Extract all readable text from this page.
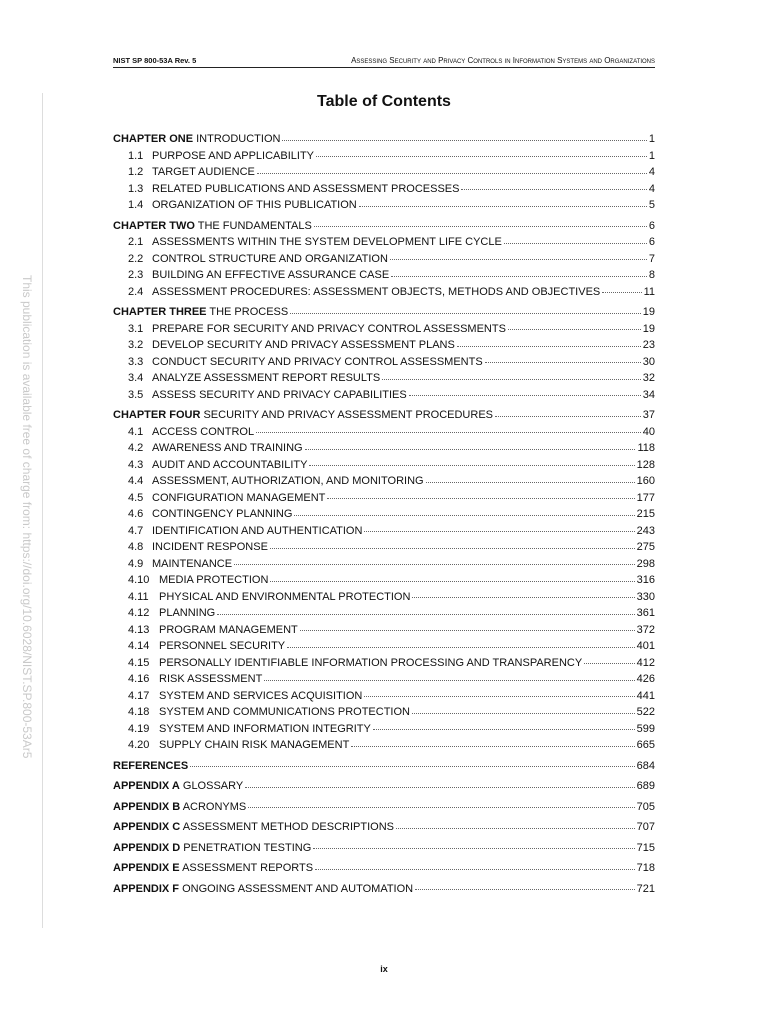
NIST SP 800-53A Rev. 5	Assessing Security and Privacy Controls in Information Systems and Organizations
This publication is available free of charge from: https://doi.org/10.6028/NIST.SP.800-53Ar5
Table of Contents
CHAPTER ONE INTRODUCTION	1
1.1 PURPOSE AND APPLICABILITY	1
1.2 TARGET AUDIENCE	4
1.3 RELATED PUBLICATIONS AND ASSESSMENT PROCESSES	4
1.4 ORGANIZATION OF THIS PUBLICATION	5
CHAPTER TWO THE FUNDAMENTALS	6
2.1 ASSESSMENTS WITHIN THE SYSTEM DEVELOPMENT LIFE CYCLE	6
2.2 CONTROL STRUCTURE AND ORGANIZATION	7
2.3 BUILDING AN EFFECTIVE ASSURANCE CASE	8
2.4 ASSESSMENT PROCEDURES: ASSESSMENT OBJECTS, METHODS AND OBJECTIVES	11
CHAPTER THREE THE PROCESS	19
3.1 PREPARE FOR SECURITY AND PRIVACY CONTROL ASSESSMENTS	19
3.2 DEVELOP SECURITY AND PRIVACY ASSESSMENT PLANS	23
3.3 CONDUCT SECURITY AND PRIVACY CONTROL ASSESSMENTS	30
3.4 ANALYZE ASSESSMENT REPORT RESULTS	32
3.5 ASSESS SECURITY AND PRIVACY CAPABILITIES	34
CHAPTER FOUR SECURITY AND PRIVACY ASSESSMENT PROCEDURES	37
4.1 ACCESS CONTROL	40
4.2 AWARENESS AND TRAINING	118
4.3 AUDIT AND ACCOUNTABILITY	128
4.4 ASSESSMENT, AUTHORIZATION, AND MONITORING	160
4.5 CONFIGURATION MANAGEMENT	177
4.6 CONTINGENCY PLANNING	215
4.7 IDENTIFICATION AND AUTHENTICATION	243
4.8 INCIDENT RESPONSE	275
4.9 MAINTENANCE	298
4.10 MEDIA PROTECTION	316
4.11 PHYSICAL AND ENVIRONMENTAL PROTECTION	330
4.12 PLANNING	361
4.13 PROGRAM MANAGEMENT	372
4.14 PERSONNEL SECURITY	401
4.15 PERSONALLY IDENTIFIABLE INFORMATION PROCESSING AND TRANSPARENCY	412
4.16 RISK ASSESSMENT	426
4.17 SYSTEM AND SERVICES ACQUISITION	441
4.18 SYSTEM AND COMMUNICATIONS PROTECTION	522
4.19 SYSTEM AND INFORMATION INTEGRITY	599
4.20 SUPPLY CHAIN RISK MANAGEMENT	665
REFERENCES	684
APPENDIX A GLOSSARY	689
APPENDIX B ACRONYMS	705
APPENDIX C ASSESSMENT METHOD DESCRIPTIONS	707
APPENDIX D PENETRATION TESTING	715
APPENDIX E ASSESSMENT REPORTS	718
APPENDIX F ONGOING ASSESSMENT AND AUTOMATION	721
ix
